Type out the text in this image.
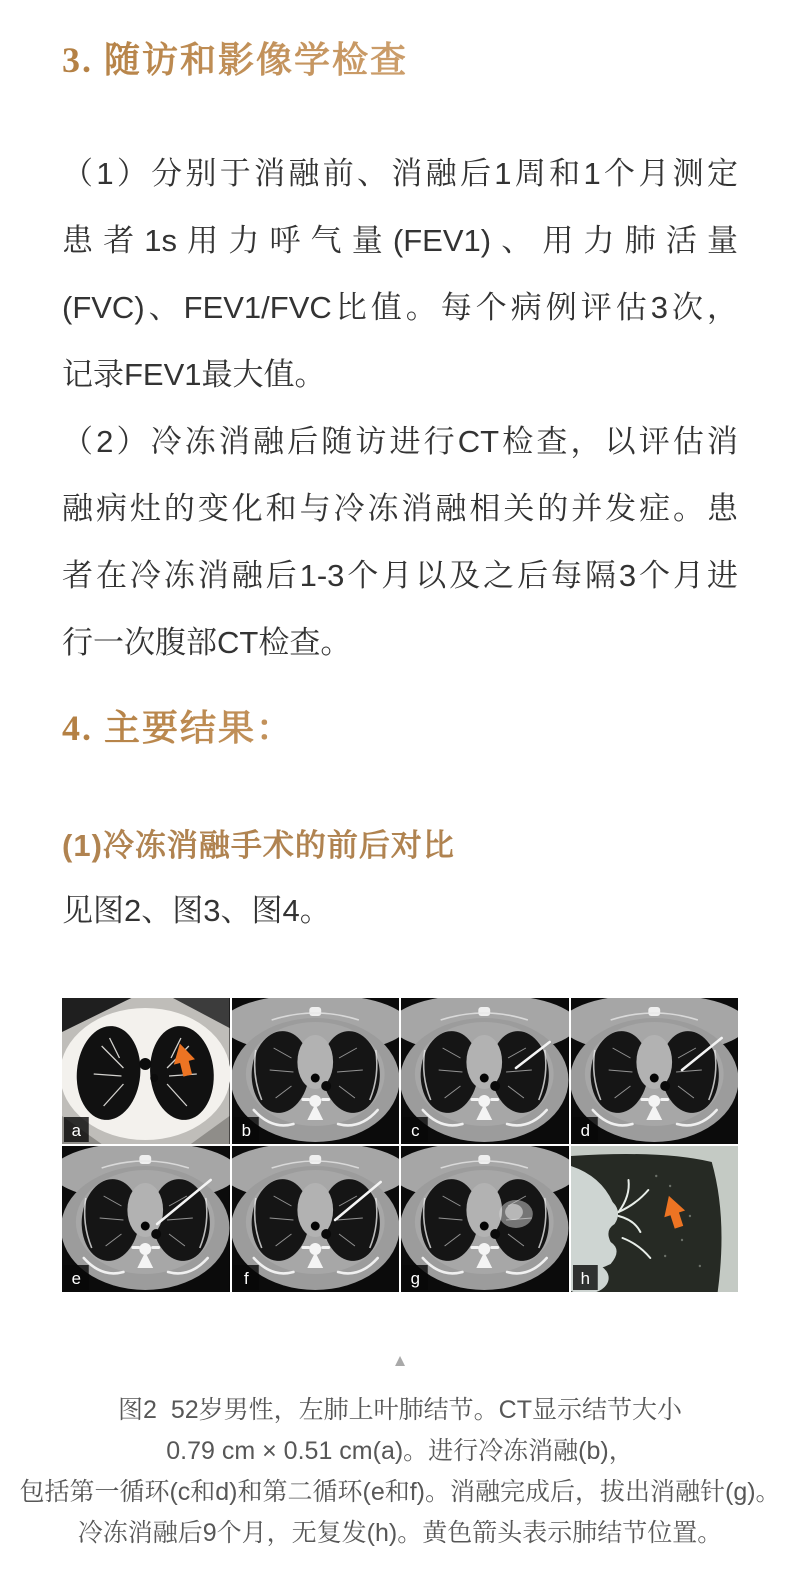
3. 随访和影像学检查
（1）分别于消融前、消融后1周和1个月测定
患者1s用力呼气量(FEV1)、用力肺活量
(FVC)、FEV1/FVC比值。每个病例评估3次，
记录FEV1最大值。
（2）冷冻消融后随访进行CT检查，以评估消
融病灶的变化和与冷冻消融相关的并发症。患
者在冷冻消融后1-3个月以及之后每隔3个月进
行一次腹部CT检查。
4. 主要结果：
(1)冷冻消融手术的前后对比

见图2、图3、图4。

a	b	c	d
e	f	g	h
▲
图2  52岁男性，左肺上叶肺结节。CT显示结节大小
0.79 cm × 0.51 cm(a)。进行冷冻消融(b)，
包括第一循环(c和d)和第二循环(e和f)。消融完成后，拔出消融针(g)。
冷冻消融后9个月，无复发(h)。黄色箭头表示肺结节位置。
